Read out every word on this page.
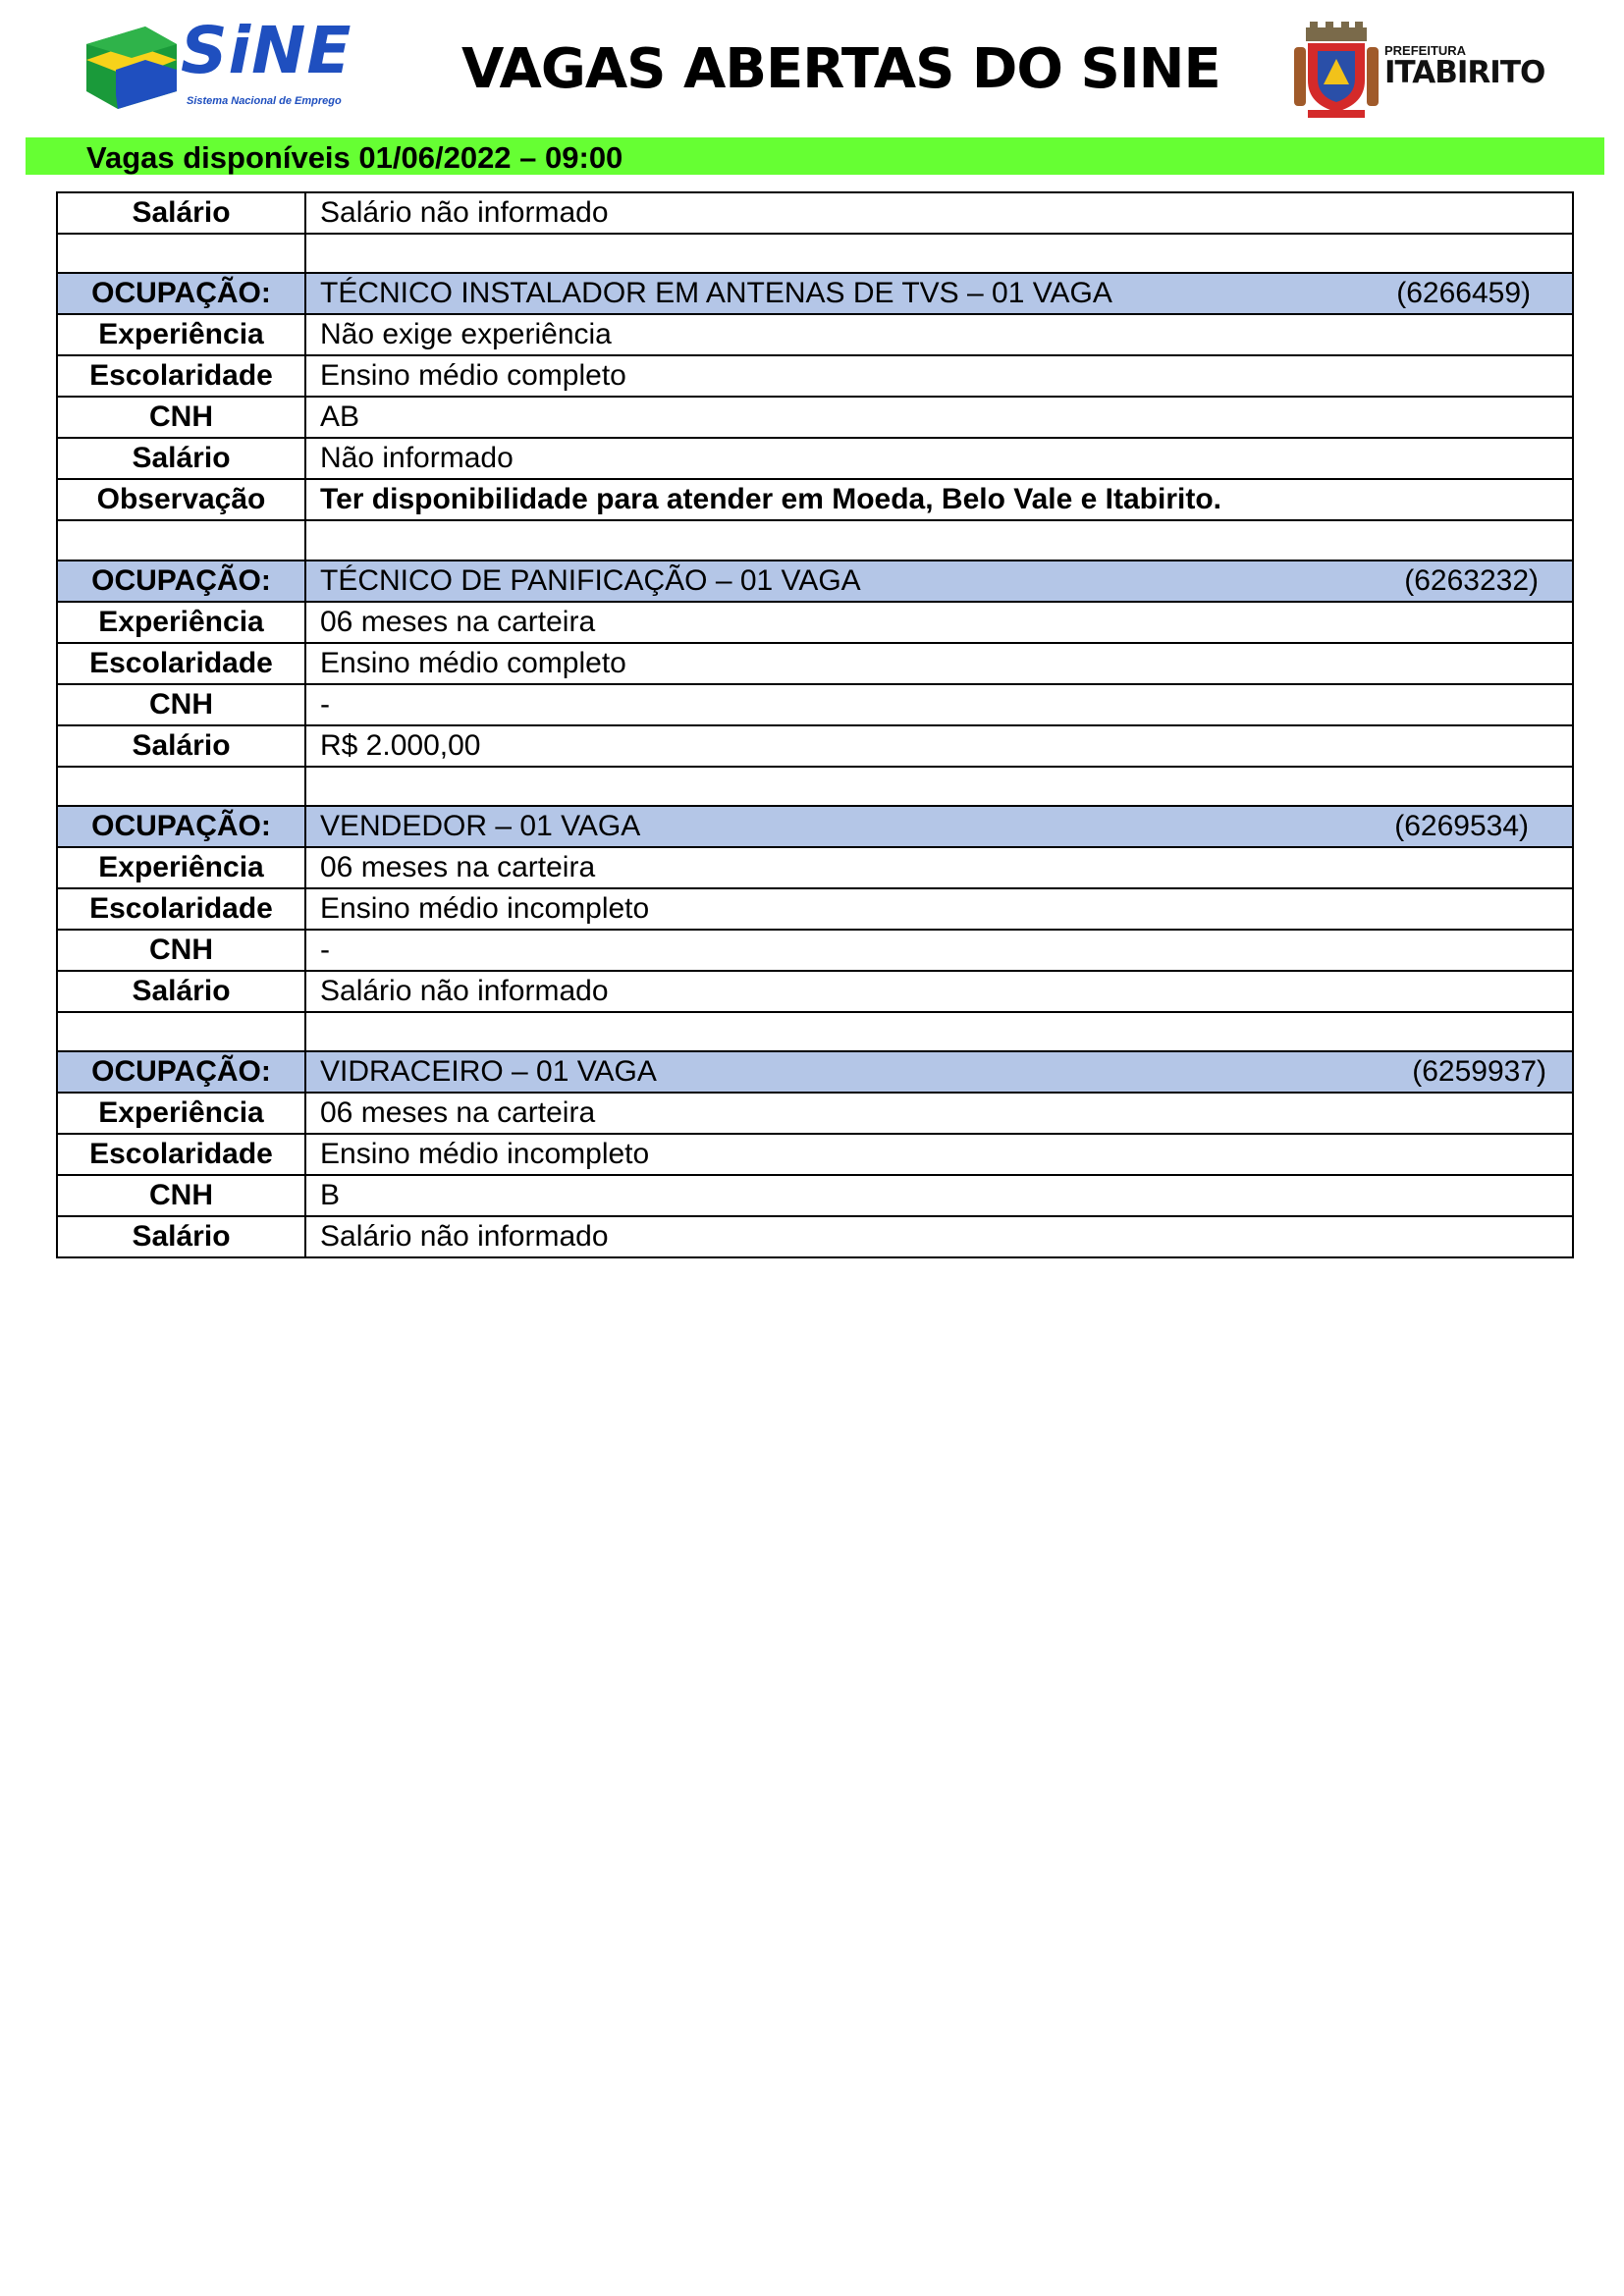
SiNE
Sistema Nacional de Emprego VAGAS ABERTAS DO SINE	PREFEITURA
ITABIRITO
Vagas disponíveis 01/06/2022 – 09:00
Salário	Salário não informado

OCUPAÇÃO:	TÉCNICO INSTALADOR EM ANTENAS DE TVS – 01 VAGA (6266459)

Experiência	Não exige experiência
Escolaridade	Ensino médio completo
CNH	AB
Salário	Não informado
Observação	Ter disponibilidade para atender em Moeda, Belo Vale e Itabirito.

OCUPAÇÃO:	TÉCNICO DE PANIFICAÇÃO – 01 VAGA (6263232)

Experiência	06 meses na carteira
Escolaridade	Ensino médio completo
CNH	-
Salário	R$ 2.000,00

OCUPAÇÃO:	VENDEDOR – 01 VAGA (6269534)

Experiência	06 meses na carteira
Escolaridade	Ensino médio incompleto
CNH	-
Salário	Salário não informado

OCUPAÇÃO:	VIDRACEIRO – 01 VAGA (6259937)

Experiência	06 meses na carteira
Escolaridade	Ensino médio incompleto
CNH	B
Salário	Salário não informado
